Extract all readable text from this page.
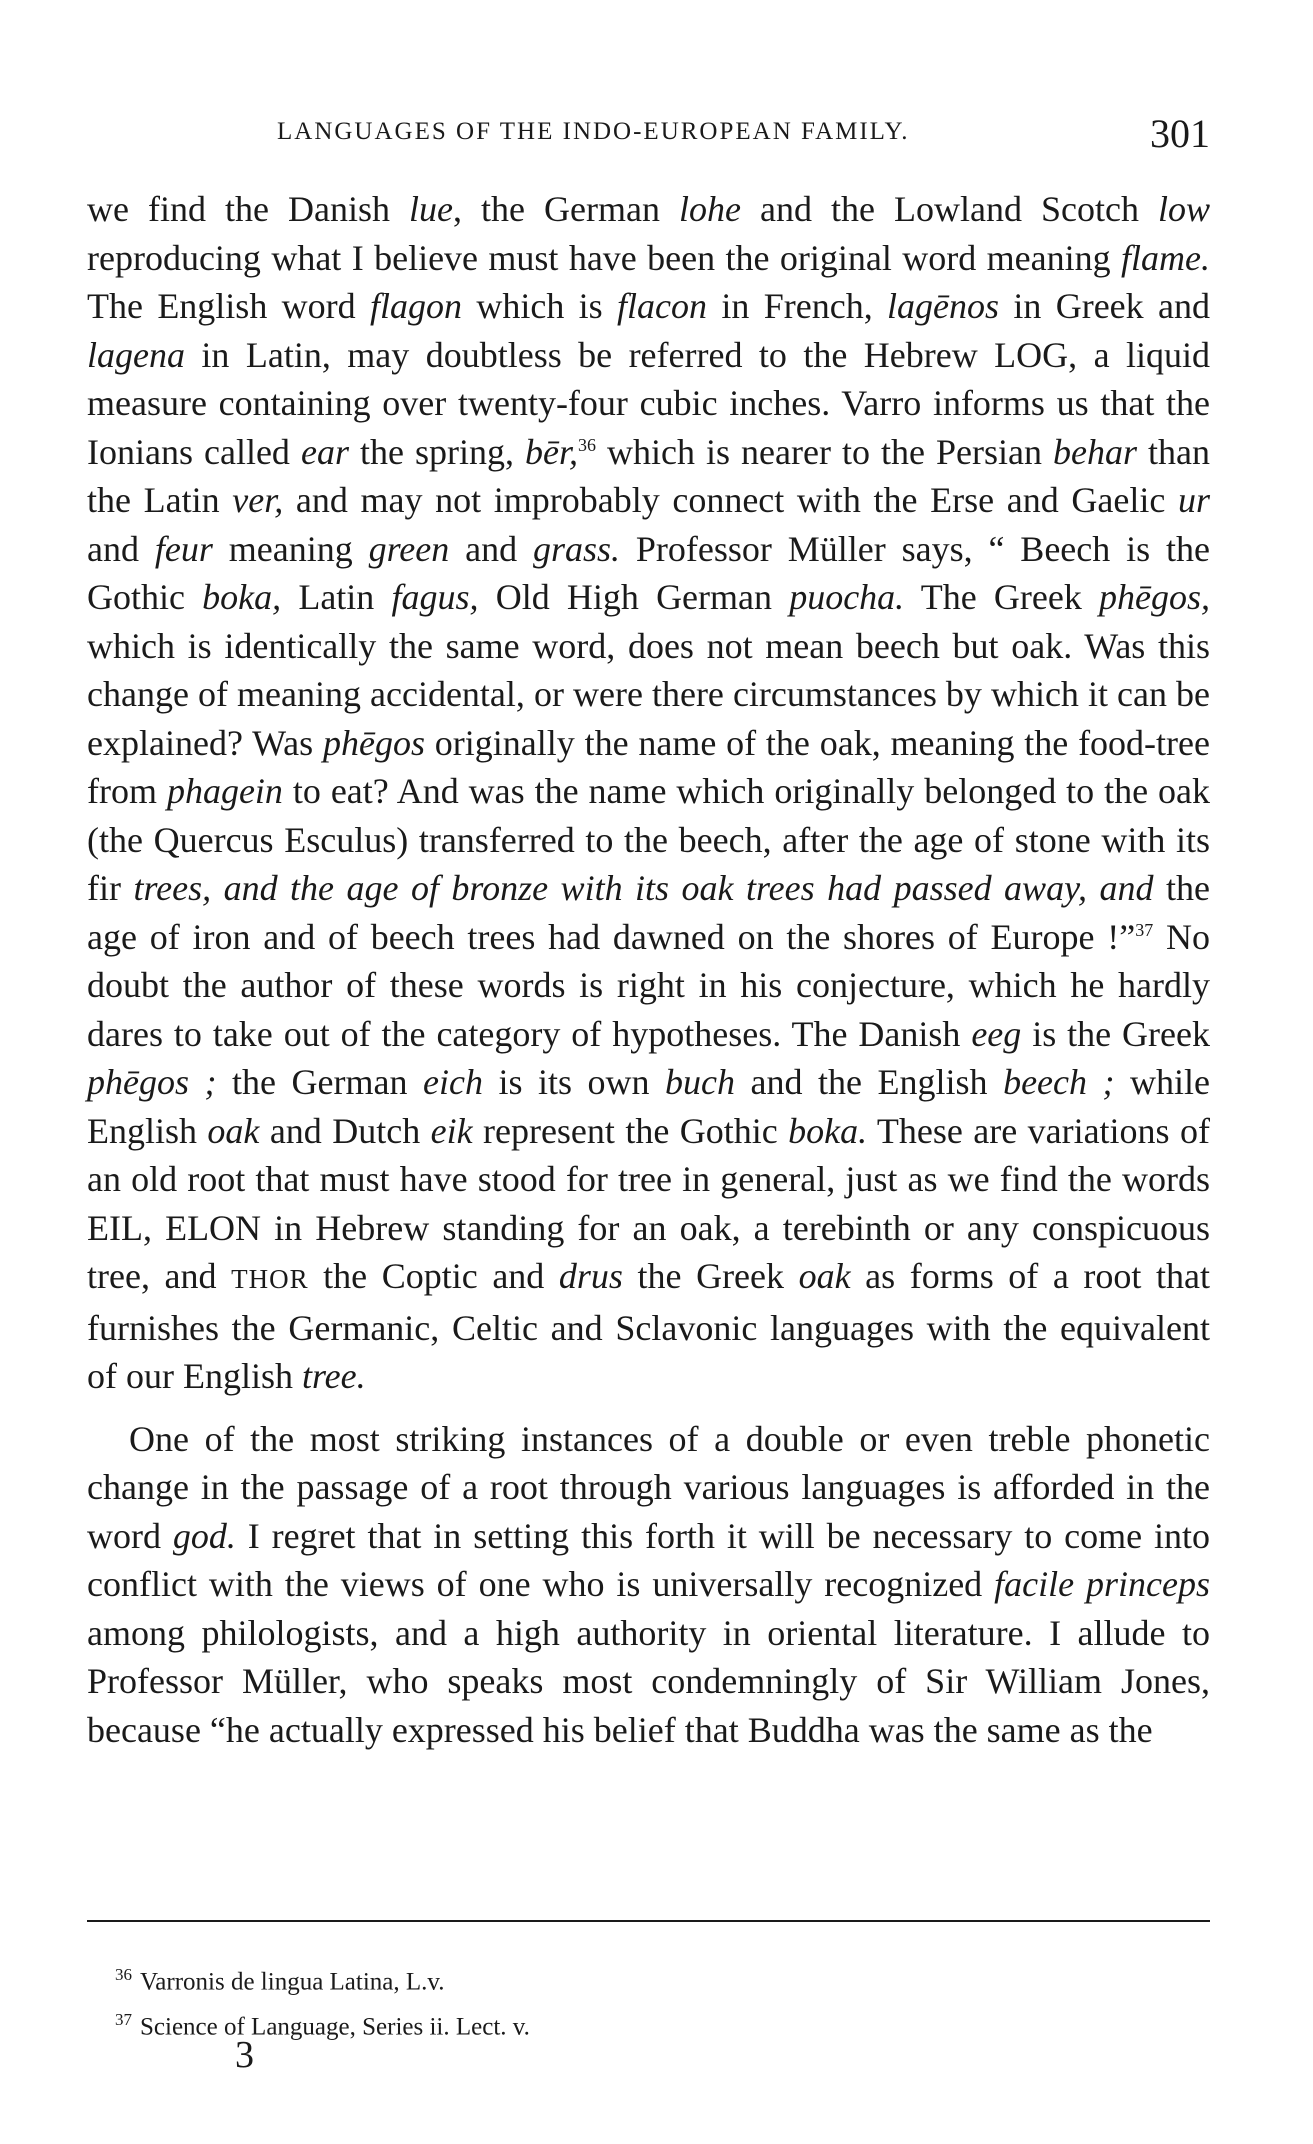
LANGUAGES OF THE INDO-EUROPEAN FAMILY.	301

we find the Danish lue, the German lohe and the Lowland Scotch low reproducing what I believe must have been the original word meaning flame. The English word flagon which is flacon in French, lagēnos in Greek and lagena in Latin, may doubtless be referred to the Hebrew LOG, a liquid measure containing over twenty-four cubic inches. Varro informs us that the Ionians called ear the spring, bēr,$^{36}$ which is nearer to the Persian behar than the Latin ver, and may not improbably connect with the Erse and Gaelic ur and feur meaning green and grass. Professor Müller says, “ Beech is the Gothic boka, Latin fagus, Old High German puocha. The Greek phēgos, which is identically the same word, does not mean beech but oak. Was this change of meaning accidental, or were there circumstances by which it can be explained? Was phēgos originally the name of the oak, meaning the food-tree from phagein to eat? And was the name which originally belonged to the oak (the Quercus Esculus) transferred to the beech, after the age of stone with its fir trees, and the age of bronze with its oak trees had passed away, and the age of iron and of beech trees had dawned on the shores of Europe !”$^{37}$ No doubt the author of these words is right in his conjecture, which he hardly dares to take out of the category of hypotheses. The Danish eeg is the Greek phēgos ; the German eich is its own buch and the English beech ; while English oak and Dutch eik represent the Gothic boka. These are variations of an old root that must have stood for tree in general, just as we find the words EIL, ELON in Hebrew standing for an oak, a terebinth or any conspicuous tree, and THOR the Coptic and drus the Greek oak as forms of a root that furnishes the Germanic, Celtic and Sclavonic languages with the equivalent of our English tree.

One of the most striking instances of a double or even treble phonetic change in the passage of a root through various languages is afforded in the word god. I regret that in setting this forth it will be necessary to come into conflict with the views of one who is universally recognized facile princeps among philologists, and a high authority in oriental literature. I allude to Professor Müller, who speaks most condemningly of Sir William Jones, because “he actually expressed his belief that Buddha was the same as the

$^{36}$ Varronis de lingua Latina, L.v.
$^{37}$ Science of Language, Series ii. Lect. v.
3
